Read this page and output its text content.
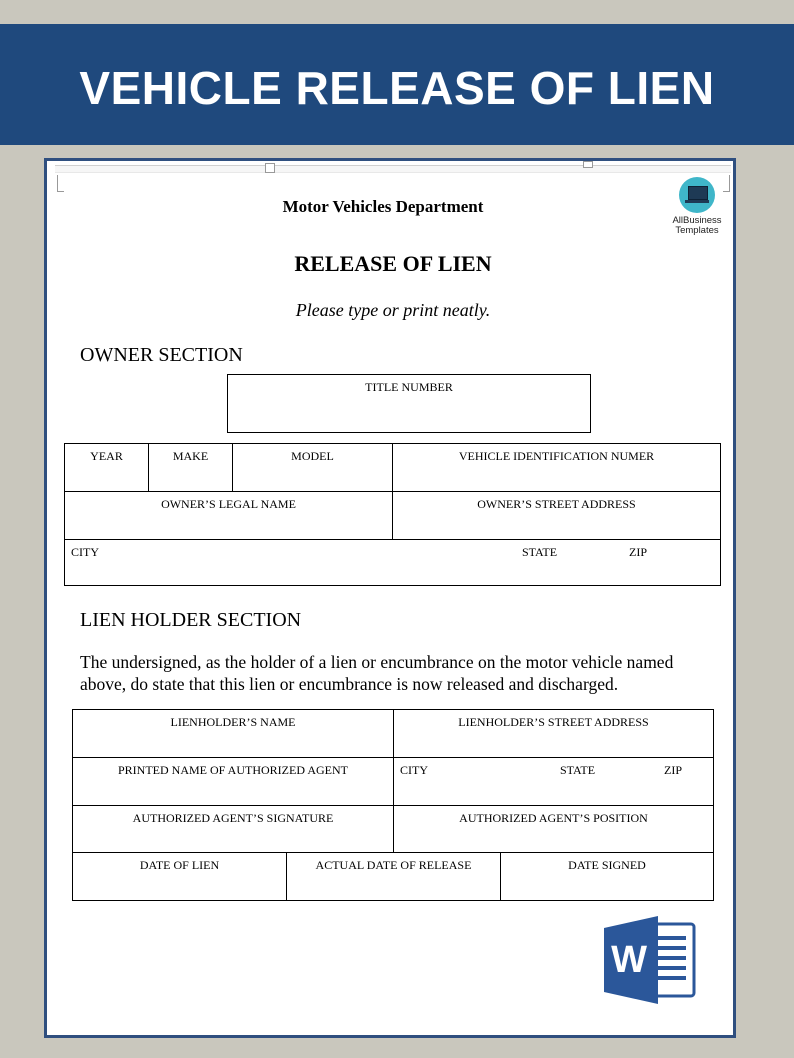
VEHICLE RELEASE OF LIEN
AllBusiness
Templates
Motor Vehicles Department
RELEASE OF LIEN
Please type or print neatly.
OWNER SECTION
TITLE NUMBER
YEAR	MAKE	MODEL	VEHICLE IDENTIFICATION NUMER
OWNER’S LEGAL NAME	OWNER’S STREET ADDRESS
CITY	STATE	ZIP
LIEN HOLDER SECTION
The undersigned, as the holder of a lien or encumbrance on the motor vehicle named above, do state that this lien or encumbrance is now released and discharged.
LIENHOLDER’S NAME	LIENHOLDER’S STREET ADDRESS
PRINTED NAME OF AUTHORIZED AGENT	CITY	STATE	ZIP
AUTHORIZED AGENT’S SIGNATURE	AUTHORIZED AGENT’S POSITION
DATE OF LIEN	ACTUAL DATE OF RELEASE	DATE SIGNED
W
